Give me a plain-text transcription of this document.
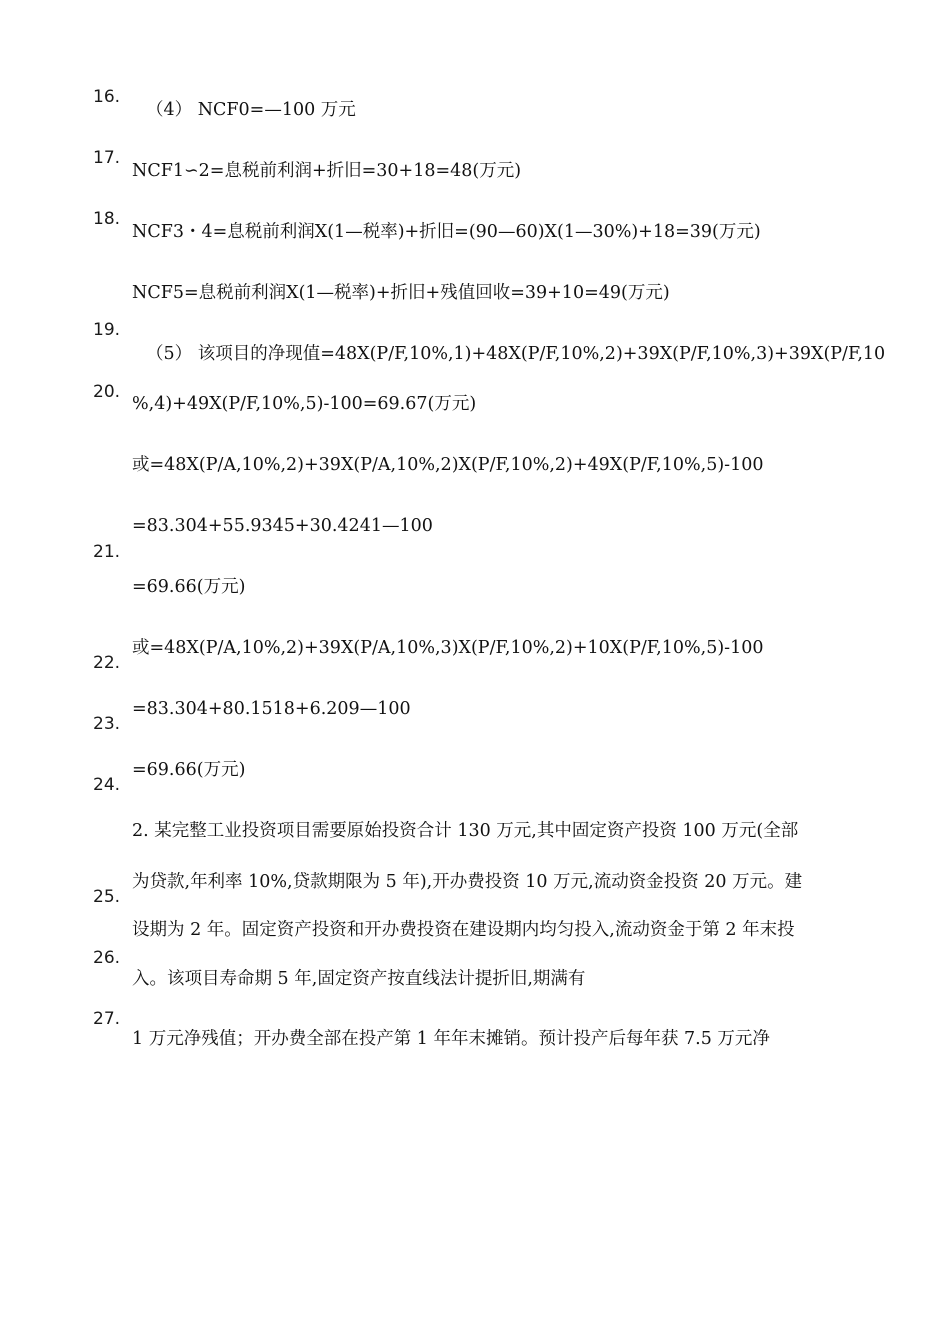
16.
17.
18.
19.
20.
21.
22.
23.
24.
25.
26.
27.
（4） NCF0=—100 万元
NCF1∽2=息税前利润+折旧=30+18=48(万元)
NCF3・4=息税前利润X(1—税率)+折旧=(90—60)X(1—30%)+18=39(万元)
NCF5=息税前利润X(1—税率)+折旧+残值回收=39+10=49(万元)
（5） 该项目的净现值=48X(P/F,10%,1)+48X(P/F,10%,2)+39X(P/F,10%,3)+39X(P/F,10
%,4)+49X(P/F,10%,5)-100=69.67(万元)
或=48X(P/A,10%,2)+39X(P/A,10%,2)X(P/F,10%,2)+49X(P/F,10%,5)-100
=83.304+55.9345+30.4241—100
=69.66(万元)
或=48X(P/A,10%,2)+39X(P/A,10%,3)X(P/F,10%,2)+10X(P/F,10%,5)-100
=83.304+80.1518+6.209—100
=69.66(万元)
2. 某完整工业投资项目需要原始投资合计 130 万元,其中固定资产投资 100 万元(全部
为贷款,年利率 10%,贷款期限为 5 年),开办费投资 10 万元,流动资金投资 20 万元。建
设期为 2 年。固定资产投资和开办费投资在建设期内均匀投入,流动资金于第 2 年末投
入。该项目寿命期 5 年,固定资产按直线法计提折旧,期满有
1 万元净残值；开办费全部在投产第 1 年年末摊销。预计投产后每年获 7.5 万元净
